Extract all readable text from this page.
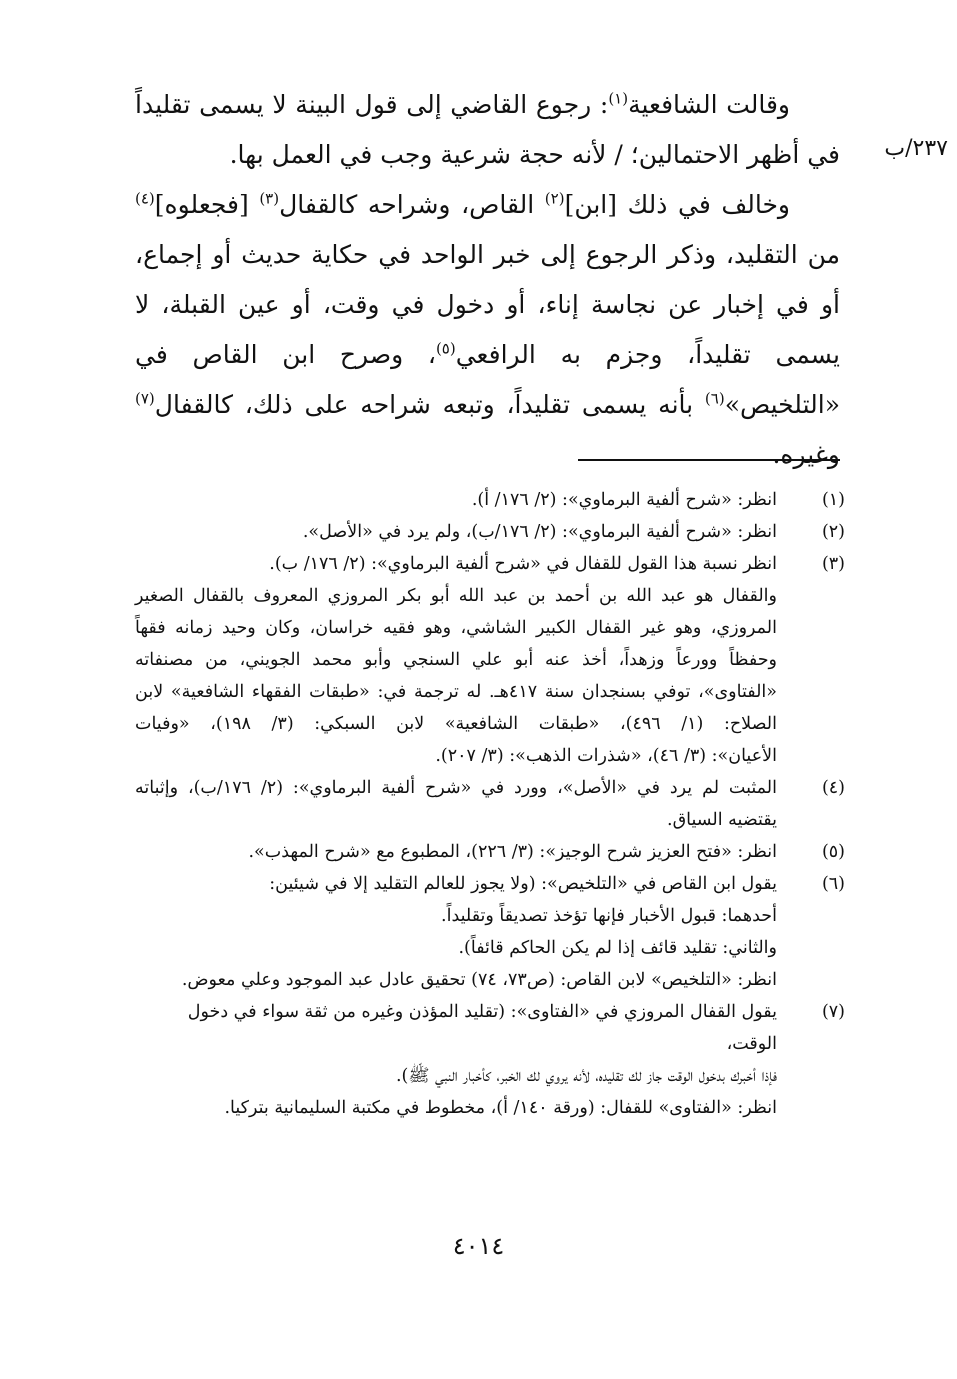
٢٣٧/ب

وقالت الشافعية$^{(١)}$: رجوع القاضي إلى قول البينة لا يسمى تقليداً في أظهر الاحتمالين؛ / لأنه حجة شرعية وجب في العمل بها.

وخالف في ذلك [ابن]$^{(٢)}$ القاص، وشراحه كالقفال$^{(٣)}$ [فجعلوه]$^{(٤)}$ من التقليد، وذكر الرجوع إلى خبر الواحد في حكاية حديث أو إجماع، أو في إخبار عن نجاسة إناء، أو دخول في وقت، أو عين القبلة، لا يسمى تقليداً، وجزم به الرافعي$^{(٥)}$، وصرح ابن القاص في «التلخيص»$^{(٦)}$ بأنه يسمى تقليداً، وتبعه شراحه على ذلك، كالقفال$^{(٧)}$ وغيره.

(١)
انظر: «شرح ألفية البرماوي»: (٢/ ١٧٦/ أ).
(٢)
انظر: «شرح ألفية البرماوي»: (٢/ ١٧٦/ب)، ولم يرد في «الأصل».
(٣)
انظر نسبة هذا القول للقفال في «شرح ألفية البرماوي»: (٢/ ١٧٦/ ب).
والقفال هو عبد الله بن أحمد بن عبد الله أبو بكر المروزي المعروف بالقفال الصغير
المروزي، وهو غير القفال الكبير الشاشي، وهو فقيه خراسان، وكان وحيد زمانه فقهاً
وحفظاً وورعاً وزهداً، أخذ عنه أبو علي السنجي وأبو محمد الجويني، من مصنفاته
«الفتاوى»، توفي بسنجدان سنة ٤١٧هـ. له ترجمة في: «طبقات الفقهاء الشافعية» لابن
الصلاح: (١/ ٤٩٦)، «طبقات الشافعية» لابن السبكي: (٣/ ١٩٨)، «وفيات
الأعيان»: (٣/ ٤٦)، «شذرات الذهب»: (٣/ ٢٠٧).
(٤)
المثبت لم يرد في «الأصل»، وورد في «شرح ألفية البرماوي»: (٢/ ١٧٦/ب)، وإثباته
يقتضيه السياق.
(٥)
انظر: «فتح العزيز شرح الوجيز»: (٣/ ٢٢٦)، المطبوع مع «شرح المهذب».
(٦)
يقول ابن القاص في «التلخيص»: (ولا يجوز للعالم التقليد إلا في شيئين:
أحدهما: قبول الأخبار فإنها تؤخذ تصديقاً وتقليداً.
والثاني: تقليد قائف إذا لم يكن الحاكم قائفاً).
انظر: «التلخيص» لابن القاص: (ص٧٣، ٧٤) تحقيق عادل عبد الموجود وعلي معوض.
(٧)
يقول القفال المروزي في «الفتاوى»: (تقليد المؤذن وغيره من ثقة سواء في دخول الوقت،
فإذا أخبرك بدخول الوقت جاز لك تقليده، لأنه يروي لك الخبر، كأخبار النبي ﷺ).
انظر: «الفتاوى» للقفال: (ورقة ١٤٠/ أ)، مخطوط في مكتبة السليمانية بتركيا.
٤٠١٤
